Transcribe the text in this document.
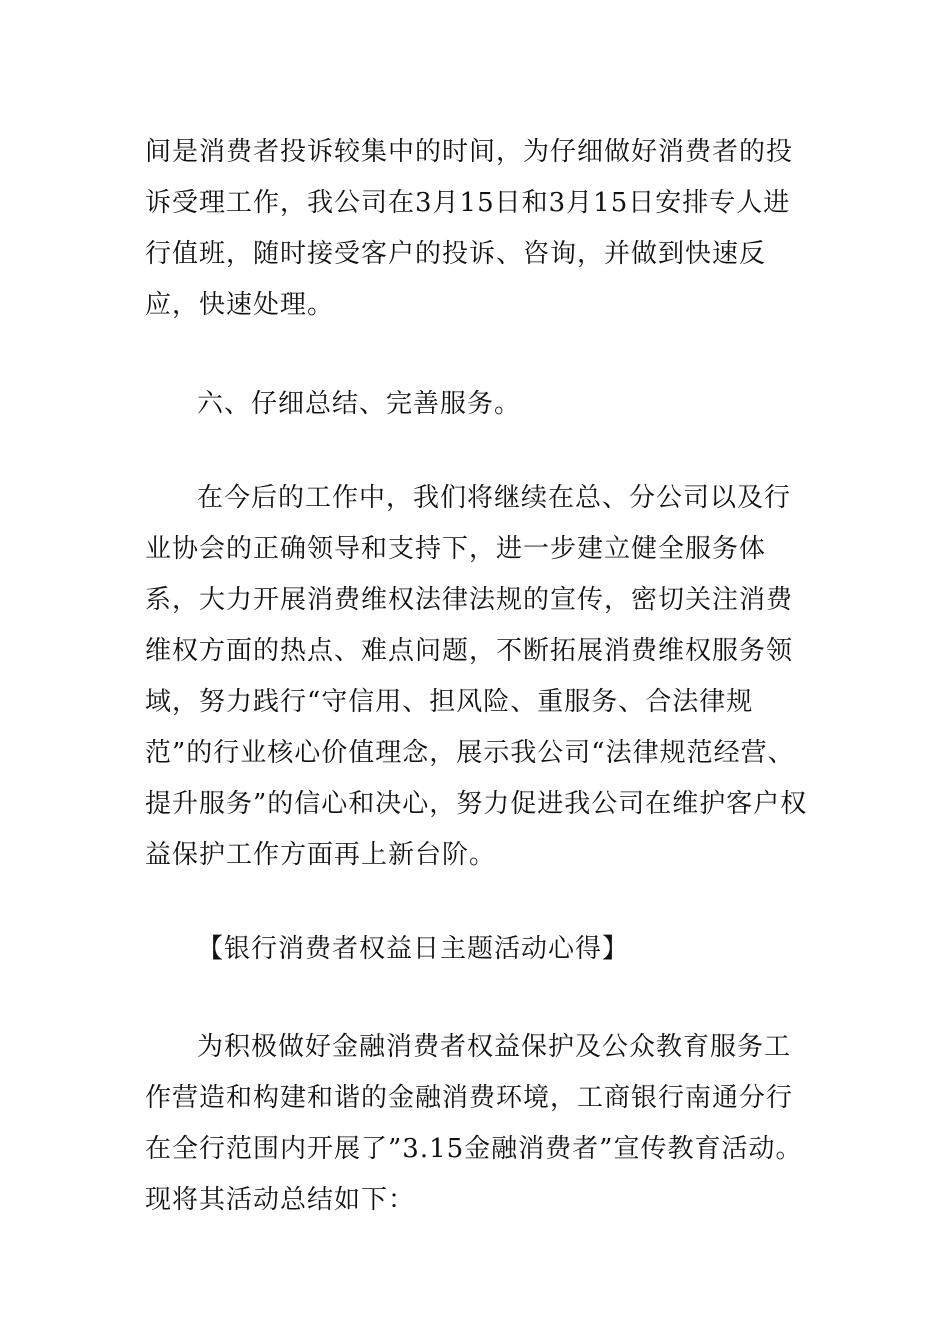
间是消费者投诉较集中的时间，为仔细做好消费者的投诉受理工作，我公司在3月15日和3月15日安排专人进行值班，随时接受客户的投诉、咨询，并做到快速反应，快速处理。

六、仔细总结、完善服务。

在今后的工作中，我们将继续在总、分公司以及行业协会的正确领导和支持下，进一步建立健全服务体系，大力开展消费维权法律法规的宣传，密切关注消费维权方面的热点、难点问题，不断拓展消费维权服务领域，努力践行“守信用、担风险、重服务、合法律规范”的行业核心价值理念，展示我公司“法律规范经营、提升服务”的信心和决心，努力促进我公司在维护客户权益保护工作方面再上新台阶。

【银行消费者权益日主题活动心得】

为积极做好金融消费者权益保护及公众教育服务工作营造和构建和谐的金融消费环境，工商银行南通分行在全行范围内开展了”3.15金融消费者”宣传教育活动。现将其活动总结如下：
